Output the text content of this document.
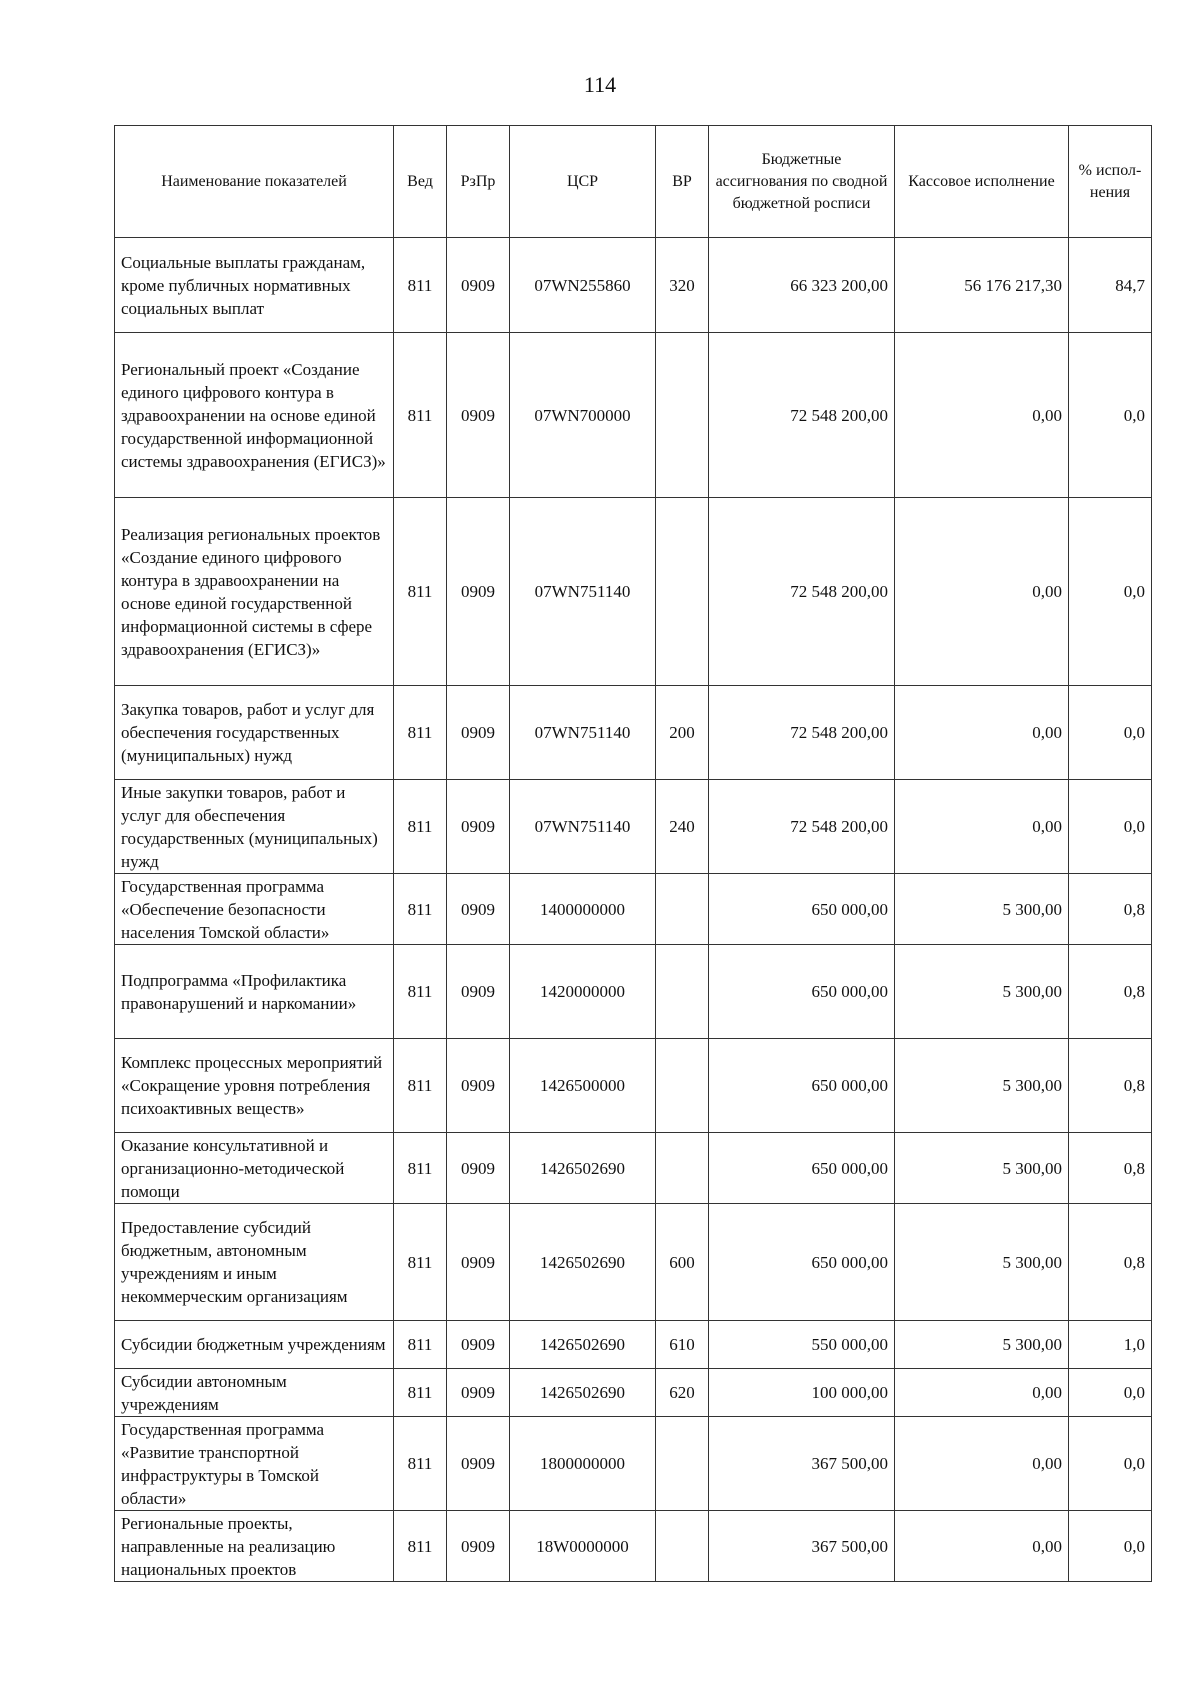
114
Наименование показателей	Вед	РзПр	ЦСР	ВР	Бюджетные ассигнования по сводной бюджетной росписи	Кассовое исполнение	% испол-нения
Социальные выплаты гражданам, кроме публичных нормативных социальных выплат	811	0909	07WN255860	320	66 323 200,00	56 176 217,30	84,7
Региональный проект «Создание единого цифрового контура в здравоохранении на основе единой государственной информационной системы здравоохранения (ЕГИСЗ)»	811	0909	07WN700000		72 548 200,00	0,00	0,0
Реализация региональных проектов «Создание единого цифрового контура в здравоохранении на основе единой государственной информационной системы в сфере здравоохранения (ЕГИСЗ)»	811	0909	07WN751140		72 548 200,00	0,00	0,0
Закупка товаров, работ и услуг для обеспечения государственных (муниципальных) нужд	811	0909	07WN751140	200	72 548 200,00	0,00	0,0
Иные закупки товаров, работ и услуг для обеспечения государственных (муниципальных) нужд	811	0909	07WN751140	240	72 548 200,00	0,00	0,0
Государственная программа «Обеспечение безопасности населения Томской области»	811	0909	1400000000		650 000,00	5 300,00	0,8
Подпрограмма «Профилактика правонарушений и наркомании»	811	0909	1420000000		650 000,00	5 300,00	0,8
Комплекс процессных мероприятий «Сокращение уровня потребления психоактивных веществ»	811	0909	1426500000		650 000,00	5 300,00	0,8
Оказание консультативной и организационно-методической помощи	811	0909	1426502690		650 000,00	5 300,00	0,8
Предоставление субсидий бюджетным, автономным учреждениям и иным некоммерческим организациям	811	0909	1426502690	600	650 000,00	5 300,00	0,8
Субсидии бюджетным учреждениям	811	0909	1426502690	610	550 000,00	5 300,00	1,0
Субсидии автономным учреждениям	811	0909	1426502690	620	100 000,00	0,00	0,0
Государственная программа «Развитие транспортной инфраструктуры в Томской области»	811	0909	1800000000		367 500,00	0,00	0,0
Региональные проекты, направленные на реализацию национальных проектов	811	0909	18W0000000		367 500,00	0,00	0,0
